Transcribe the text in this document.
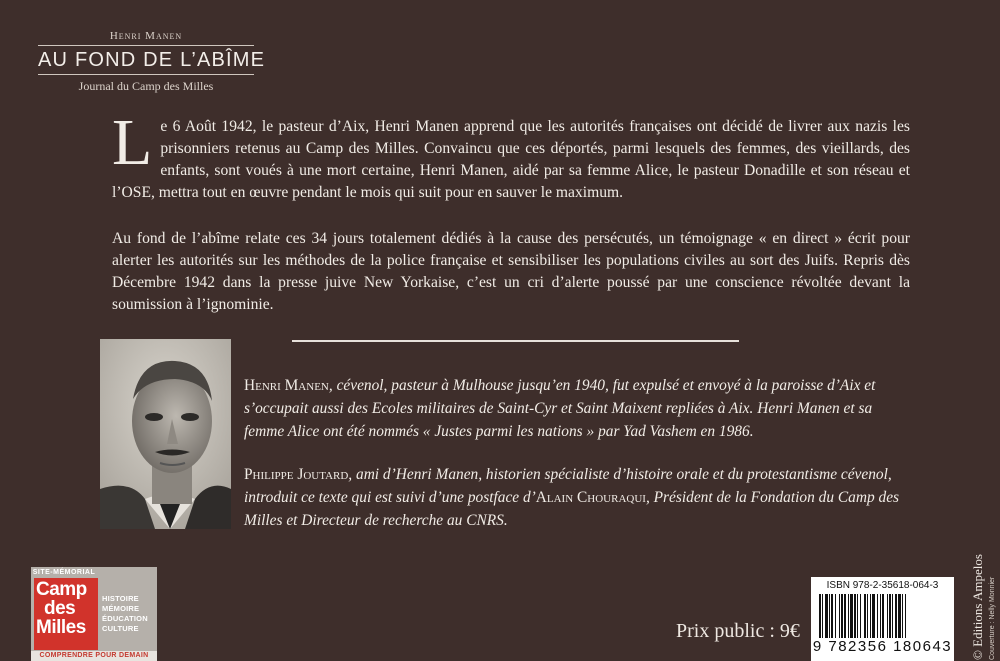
Henri Manen
AU FOND DE L’ABÎME
Journal du Camp des Milles
Le 6 Août 1942, le pasteur d’Aix, Henri Manen apprend que les autorités françaises ont décidé de livrer aux nazis les prisonniers retenus au Camp des Milles. Convaincu que ces déportés, parmi lesquels des femmes, des vieillards, des enfants, sont voués à une mort certaine, Henri Manen, aidé par sa femme Alice, le pasteur Donadille et son réseau et l’OSE, mettra tout en œuvre pendant le mois qui suit pour en sauver le maximum.
Au fond de l’abîme relate ces 34 jours totalement dédiés à la cause des persécutés, un témoignage « en direct » écrit pour alerter les autorités sur les méthodes de la police française et sensibiliser les populations civiles au sort des Juifs. Repris dès Décembre 1942 dans la presse juive New Yorkaise, c’est un cri d’alerte poussé par une conscience révoltée devant la soumission à l’ignominie.
Henri Manen, cévenol, pasteur à Mulhouse jusqu’en 1940, fut expulsé et envoyé à la paroisse d’Aix et s’occupait aussi des Ecoles militaires de Saint-Cyr et Saint Maixent repliées à Aix. Henri Manen et sa femme Alice ont été nommés « Justes parmi les nations » par Yad Vashem en 1986.
Philippe Joutard, ami d’Henri Manen, historien spécialiste d’histoire orale et du protestantisme cévenol, introduit ce texte qui est suivi d’une postface d’Alain Chouraqui, Président de la Fondation du Camp des Milles et Directeur de recherche au CNRS.
SITE-MÉMORIAL
Camp
des
Milles
HISTOIRE
MÉMOIRE
ÉDUCATION
CULTURE
COMPRENDRE POUR DEMAIN
Prix public : 9€
ISBN 978-2-35618-064-3
9 782356 180643 © Editions Ampelos Couverture : Nelly Monnier
